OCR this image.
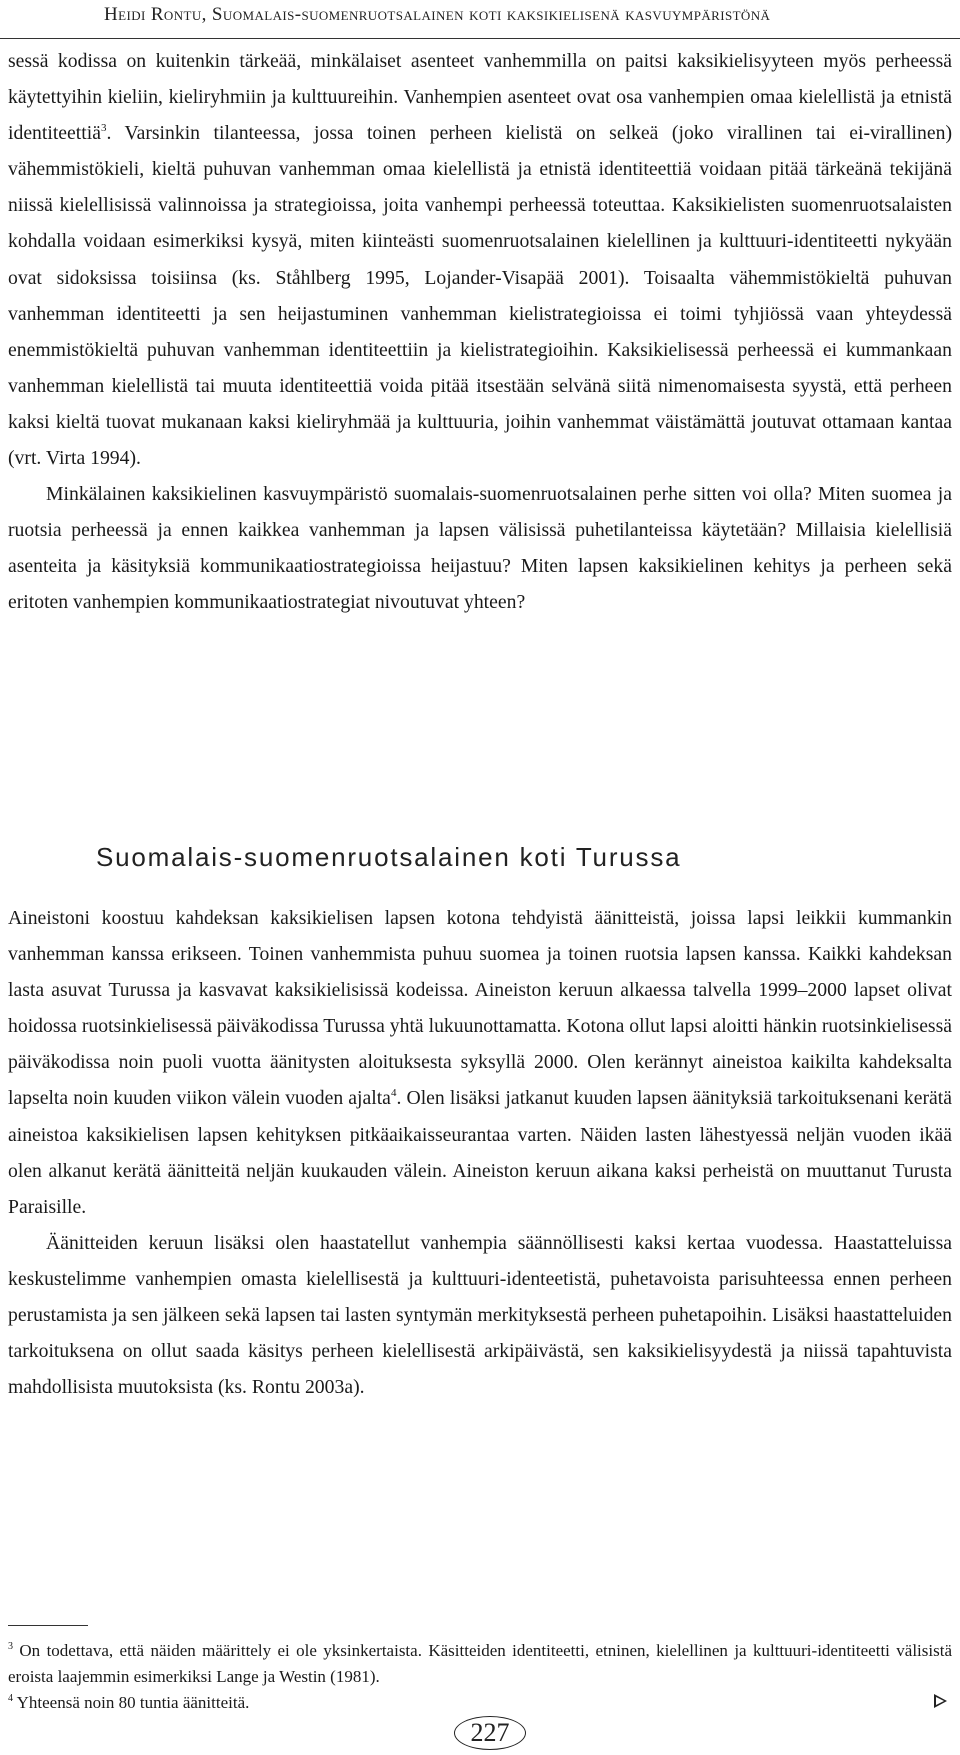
Heidi Rontu, Suomalais-suomenruotsalainen koti kaksikielisenä kasvuympäristönä

sessä kodissa on kuitenkin tärkeää, minkälaiset asenteet vanhemmilla on paitsi kaksikielisyyteen myös perheessä käytettyihin kieliin, kieliryhmiin ja kulttuureihin. Vanhempien asenteet ovat osa vanhempien omaa kielellistä ja etnistä identiteettiä$^3$. Varsinkin tilanteessa, jossa toinen perheen kielistä on selkeä (joko virallinen tai ei-virallinen) vähemmistökieli, kieltä puhuvan vanhemman omaa kielellistä ja etnistä identiteettiä voidaan pitää tärkeänä tekijänä niissä kielellisissä valinnoissa ja strategioissa, joita vanhempi perheessä toteuttaa. Kaksikielisten suomenruotsalaisten kohdalla voidaan esimerkiksi kysyä, miten kiinteästi suomenruotsalainen kielellinen ja kulttuuri-identiteetti nykyään ovat sidoksissa toisiinsa (ks. Ståhlberg 1995, Lojander-Visapää 2001). Toisaalta vähemmistökieltä puhuvan vanhemman identiteetti ja sen heijastuminen vanhemman kielistrategioissa ei toimi tyhjiössä vaan yhteydessä enemmistökieltä puhuvan vanhemman identiteettiin ja kielistrategioihin. Kaksikielisessä perheessä ei kummankaan vanhemman kielellistä tai muuta identiteettiä voida pitää itsestään selvänä siitä nimenomaisesta syystä, että perheen kaksi kieltä tuovat mukanaan kaksi kieliryhmää ja kulttuuria, joihin vanhemmat väistämättä joutuvat ottamaan kantaa (vrt. Virta 1994).

Minkälainen kaksikielinen kasvuympäristö suomalais-suomenruotsalainen perhe sitten voi olla? Miten suomea ja ruotsia perheessä ja ennen kaikkea vanhemman ja lapsen välisissä puhetilanteissa käytetään? Millaisia kielellisiä asenteita ja käsityksiä kommunikaatiostrategioissa heijastuu? Miten lapsen kaksikielinen kehitys ja perheen sekä eritoten vanhempien kommunikaatiostrategiat nivoutuvat yhteen?

Suomalais-suomenruotsalainen koti Turussa

Aineistoni koostuu kahdeksan kaksikielisen lapsen kotona tehdyistä äänitteistä, joissa lapsi leikkii kummankin vanhemman kanssa erikseen. Toinen vanhemmista puhuu suomea ja toinen ruotsia lapsen kanssa. Kaikki kahdeksan lasta asuvat Turussa ja kasvavat kaksikielisissä kodeissa. Aineiston keruun alkaessa talvella 1999–2000 lapset olivat hoidossa ruotsinkielisessä päiväkodissa Turussa yhtä lukuunottamatta. Kotona ollut lapsi aloitti hänkin ruotsinkielisessä päiväkodissa noin puoli vuotta äänitysten aloituksesta syksyllä 2000. Olen kerännyt aineistoa kaikilta kahdeksalta lapselta noin kuuden viikon välein vuoden ajalta$^4$. Olen lisäksi jatkanut kuuden lapsen äänityksiä tarkoituksenani kerätä aineistoa kaksikielisen lapsen kehityksen pitkäaikaisseurantaa varten. Näiden lasten lähestyessä neljän vuoden ikää olen alkanut kerätä äänitteitä neljän kuukauden välein. Aineiston keruun aikana kaksi perheistä on muuttanut Turusta Paraisille.

Äänitteiden keruun lisäksi olen haastatellut vanhempia säännöllisesti kaksi kertaa vuodessa. Haastatteluissa keskustelimme vanhempien omasta kielellisestä ja kulttuuri-identeetistä, puhetavoista parisuhteessa ennen perheen perustamista ja sen jälkeen sekä lapsen tai lasten syntymän merkityksestä perheen puhetapoihin. Lisäksi haastatteluiden tarkoituksena on ollut saada käsitys perheen kielellisestä arkipäivästä, sen kaksikielisyydestä ja niissä tapahtuvista mahdollisista muutoksista (ks. Rontu 2003a).

$^3$ On todettava, että näiden määrittely ei ole yksinkertaista. Käsitteiden identiteetti, etninen, kielellinen ja kulttuuri-identiteetti välisistä eroista laajemmin esimerkiksi Lange ja Westin (1981).

$^4$ Yhteensä noin 80 tuntia äänitteitä.

227
